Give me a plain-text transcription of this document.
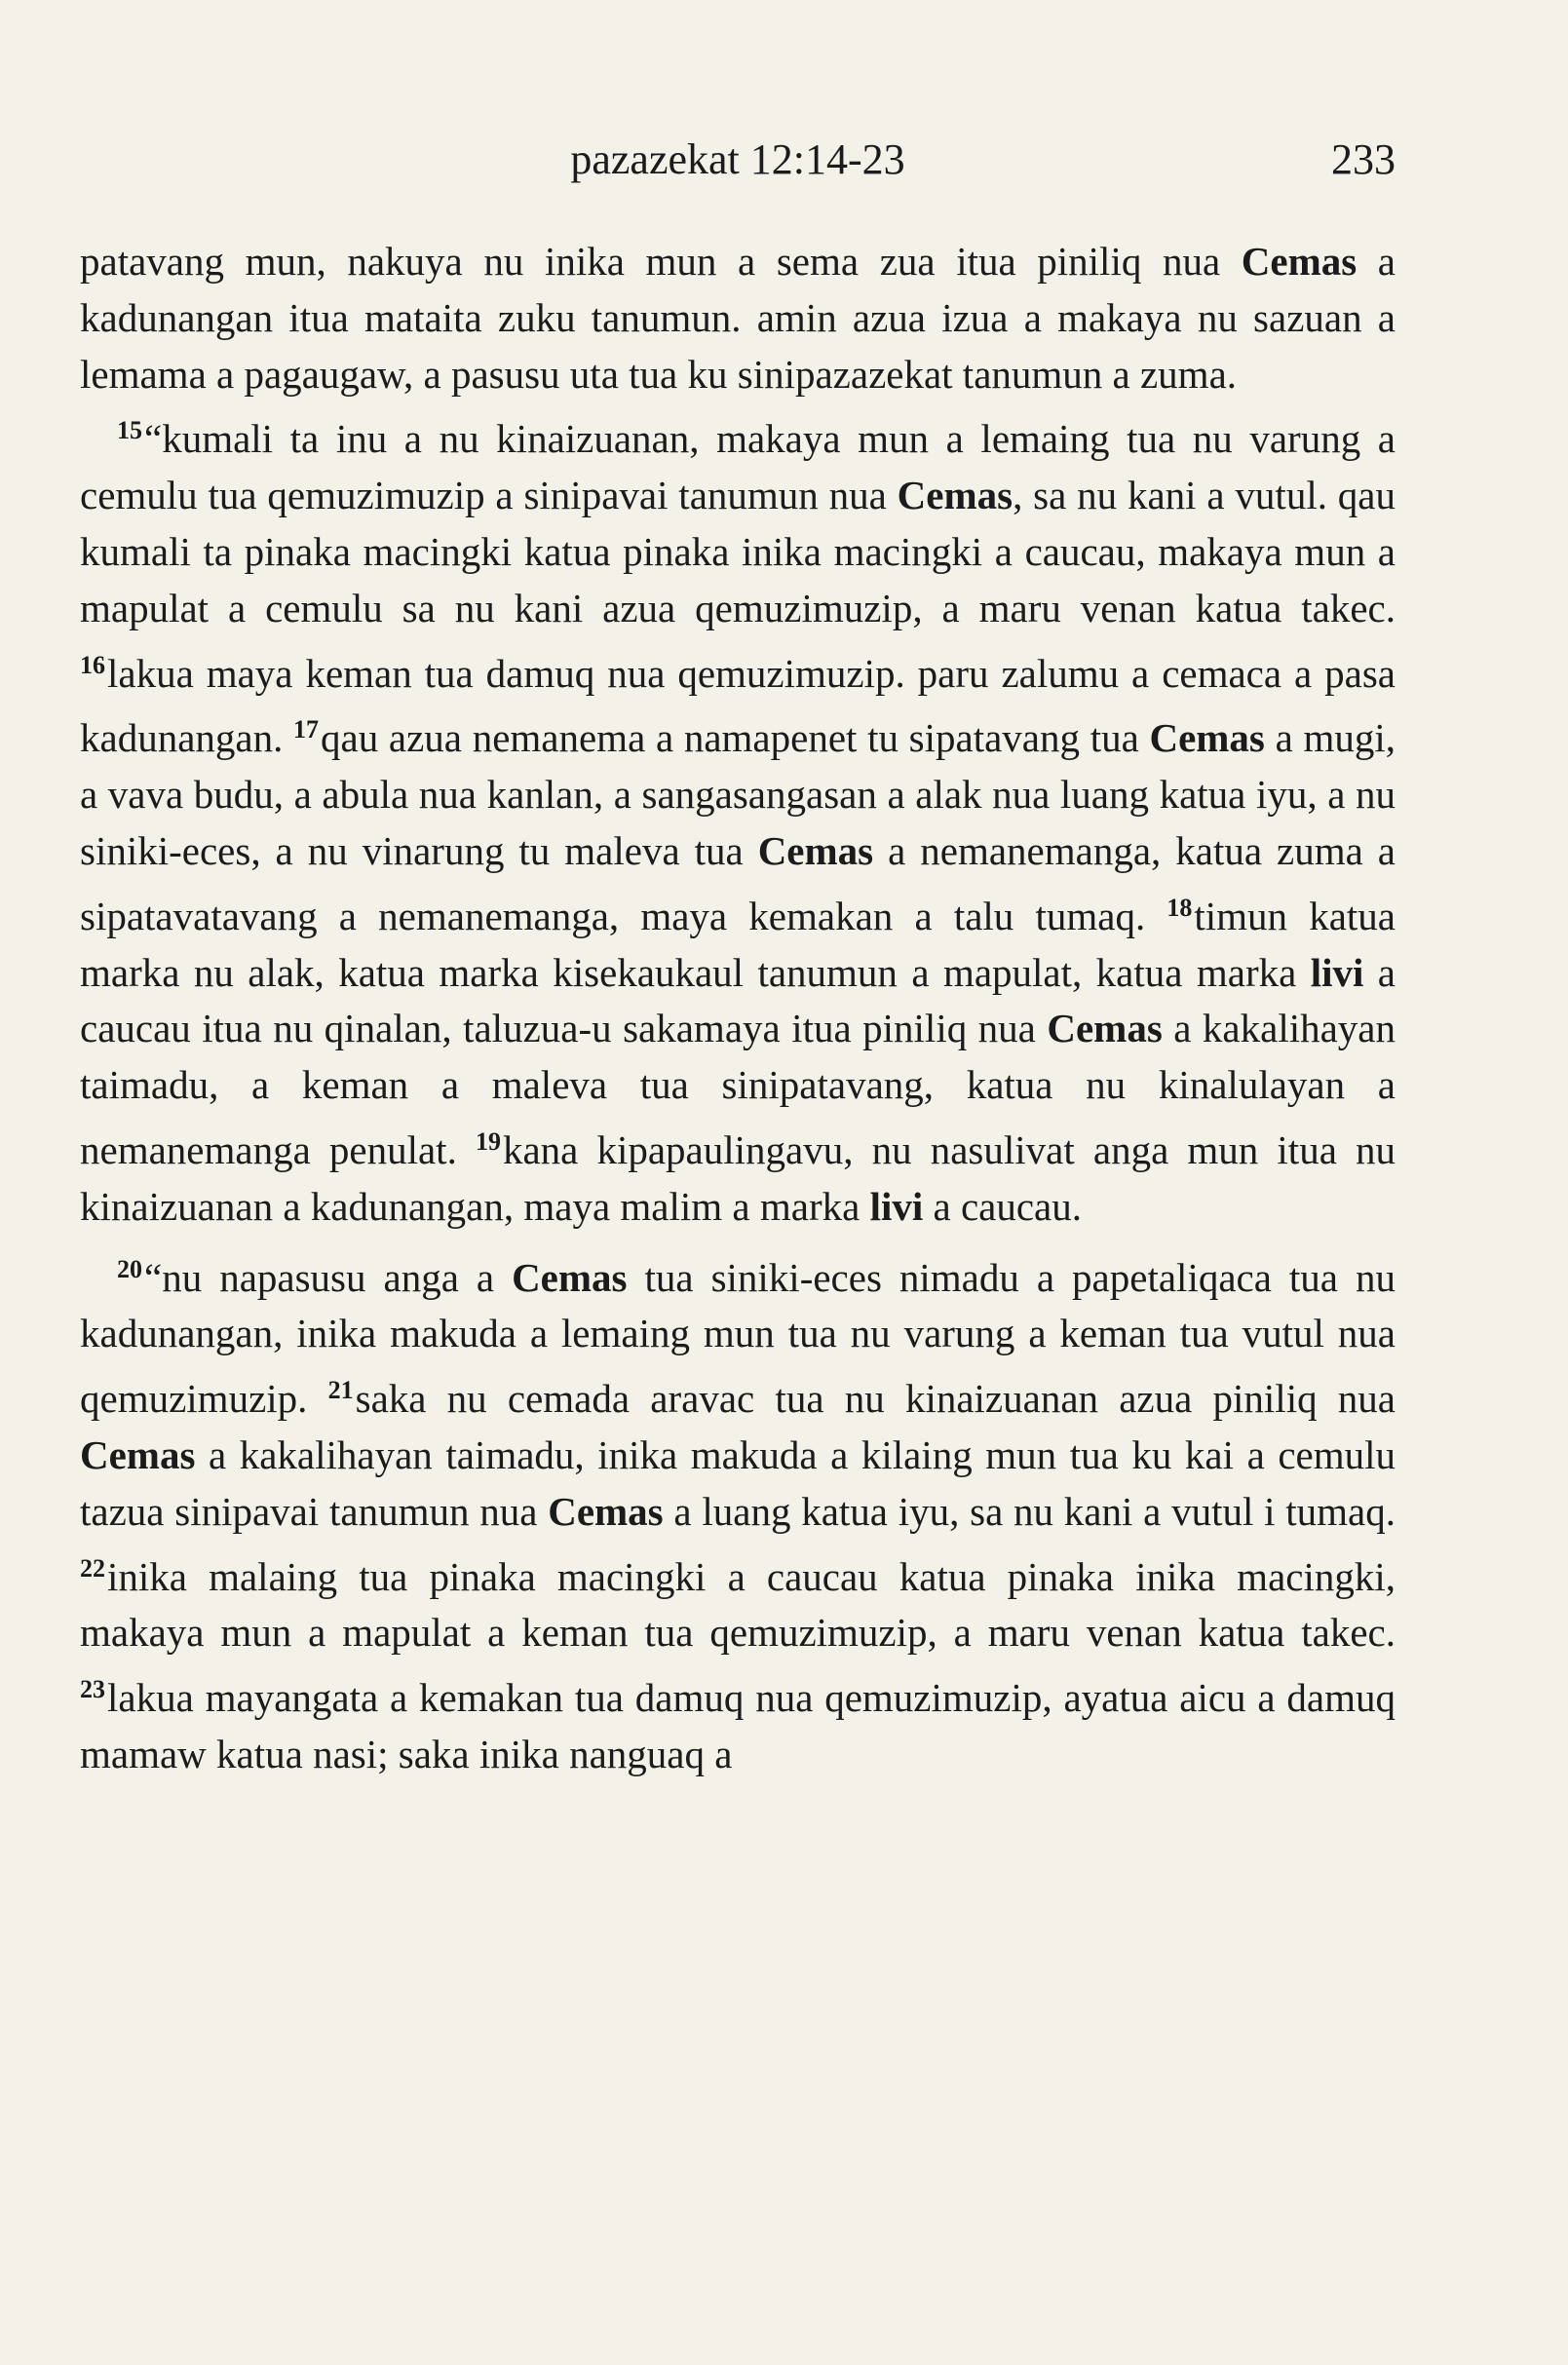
pazazekat 12:14-23	233

patavang mun, nakuya nu inika mun a sema zua itua piniliq nua Cemas a kadunangan itua mataita zuku tanumun. amin azua izua a makaya nu sazuan a lemama a pagaugaw, a pasusu uta tua ku sinipazazekat tanumun a zuma.

$^{15}$“kumali ta inu a nu kinaizuanan, makaya mun a lemaing tua nu varung a cemulu tua qemuzimuzip a sinipavai tanumun nua Cemas, sa nu kani a vutul. qau kumali ta pinaka macingki katua pinaka inika macingki a caucau, makaya mun a mapulat a cemulu sa nu kani azua qemuzimuzip, a maru venan katua takec. $^{16}$lakua maya keman tua damuq nua qemuzimuzip. paru zalumu a cemaca a pasa kadunangan. $^{17}$qau azua nemanema a namapenet tu sipatavang tua Cemas a mugi, a vava budu, a abula nua kanlan, a sangasangasan a alak nua luang katua iyu, a nu siniki-eces, a nu vinarung tu maleva tua Cemas a nemanemanga, katua zuma a sipatavatavang a nemanemanga, maya kemakan a talu tumaq. $^{18}$timun katua marka nu alak, katua marka kisekaukaul tanumun a mapulat, katua marka livi a caucau itua nu qinalan, taluzua-u sakamaya itua piniliq nua Cemas a kakalihayan taimadu, a keman a maleva tua sinipatavang, katua nu kinalulayan a nemanemanga penulat. $^{19}$kana kipapaulingavu, nu nasulivat anga mun itua nu kinaizuanan a kadunangan, maya malim a marka livi a caucau.

$^{20}$“nu napasusu anga a Cemas tua siniki-eces nimadu a papetaliqaca tua nu kadunangan, inika makuda a lemaing mun tua nu varung a keman tua vutul nua qemuzimuzip. $^{21}$saka nu cemada aravac tua nu kinaizuanan azua piniliq nua Cemas a kakalihayan taimadu, inika makuda a kilaing mun tua ku kai a cemulu tazua sinipavai tanumun nua Cemas a luang katua iyu, sa nu kani a vutul i tumaq. $^{22}$inika malaing tua pinaka macingki a caucau katua pinaka inika macingki, makaya mun a mapulat a keman tua qemuzimuzip, a maru venan katua takec. $^{23}$lakua mayangata a kemakan tua damuq nua qemuzimuzip, ayatua aicu a damuq mamaw katua nasi; saka inika nanguaq a
